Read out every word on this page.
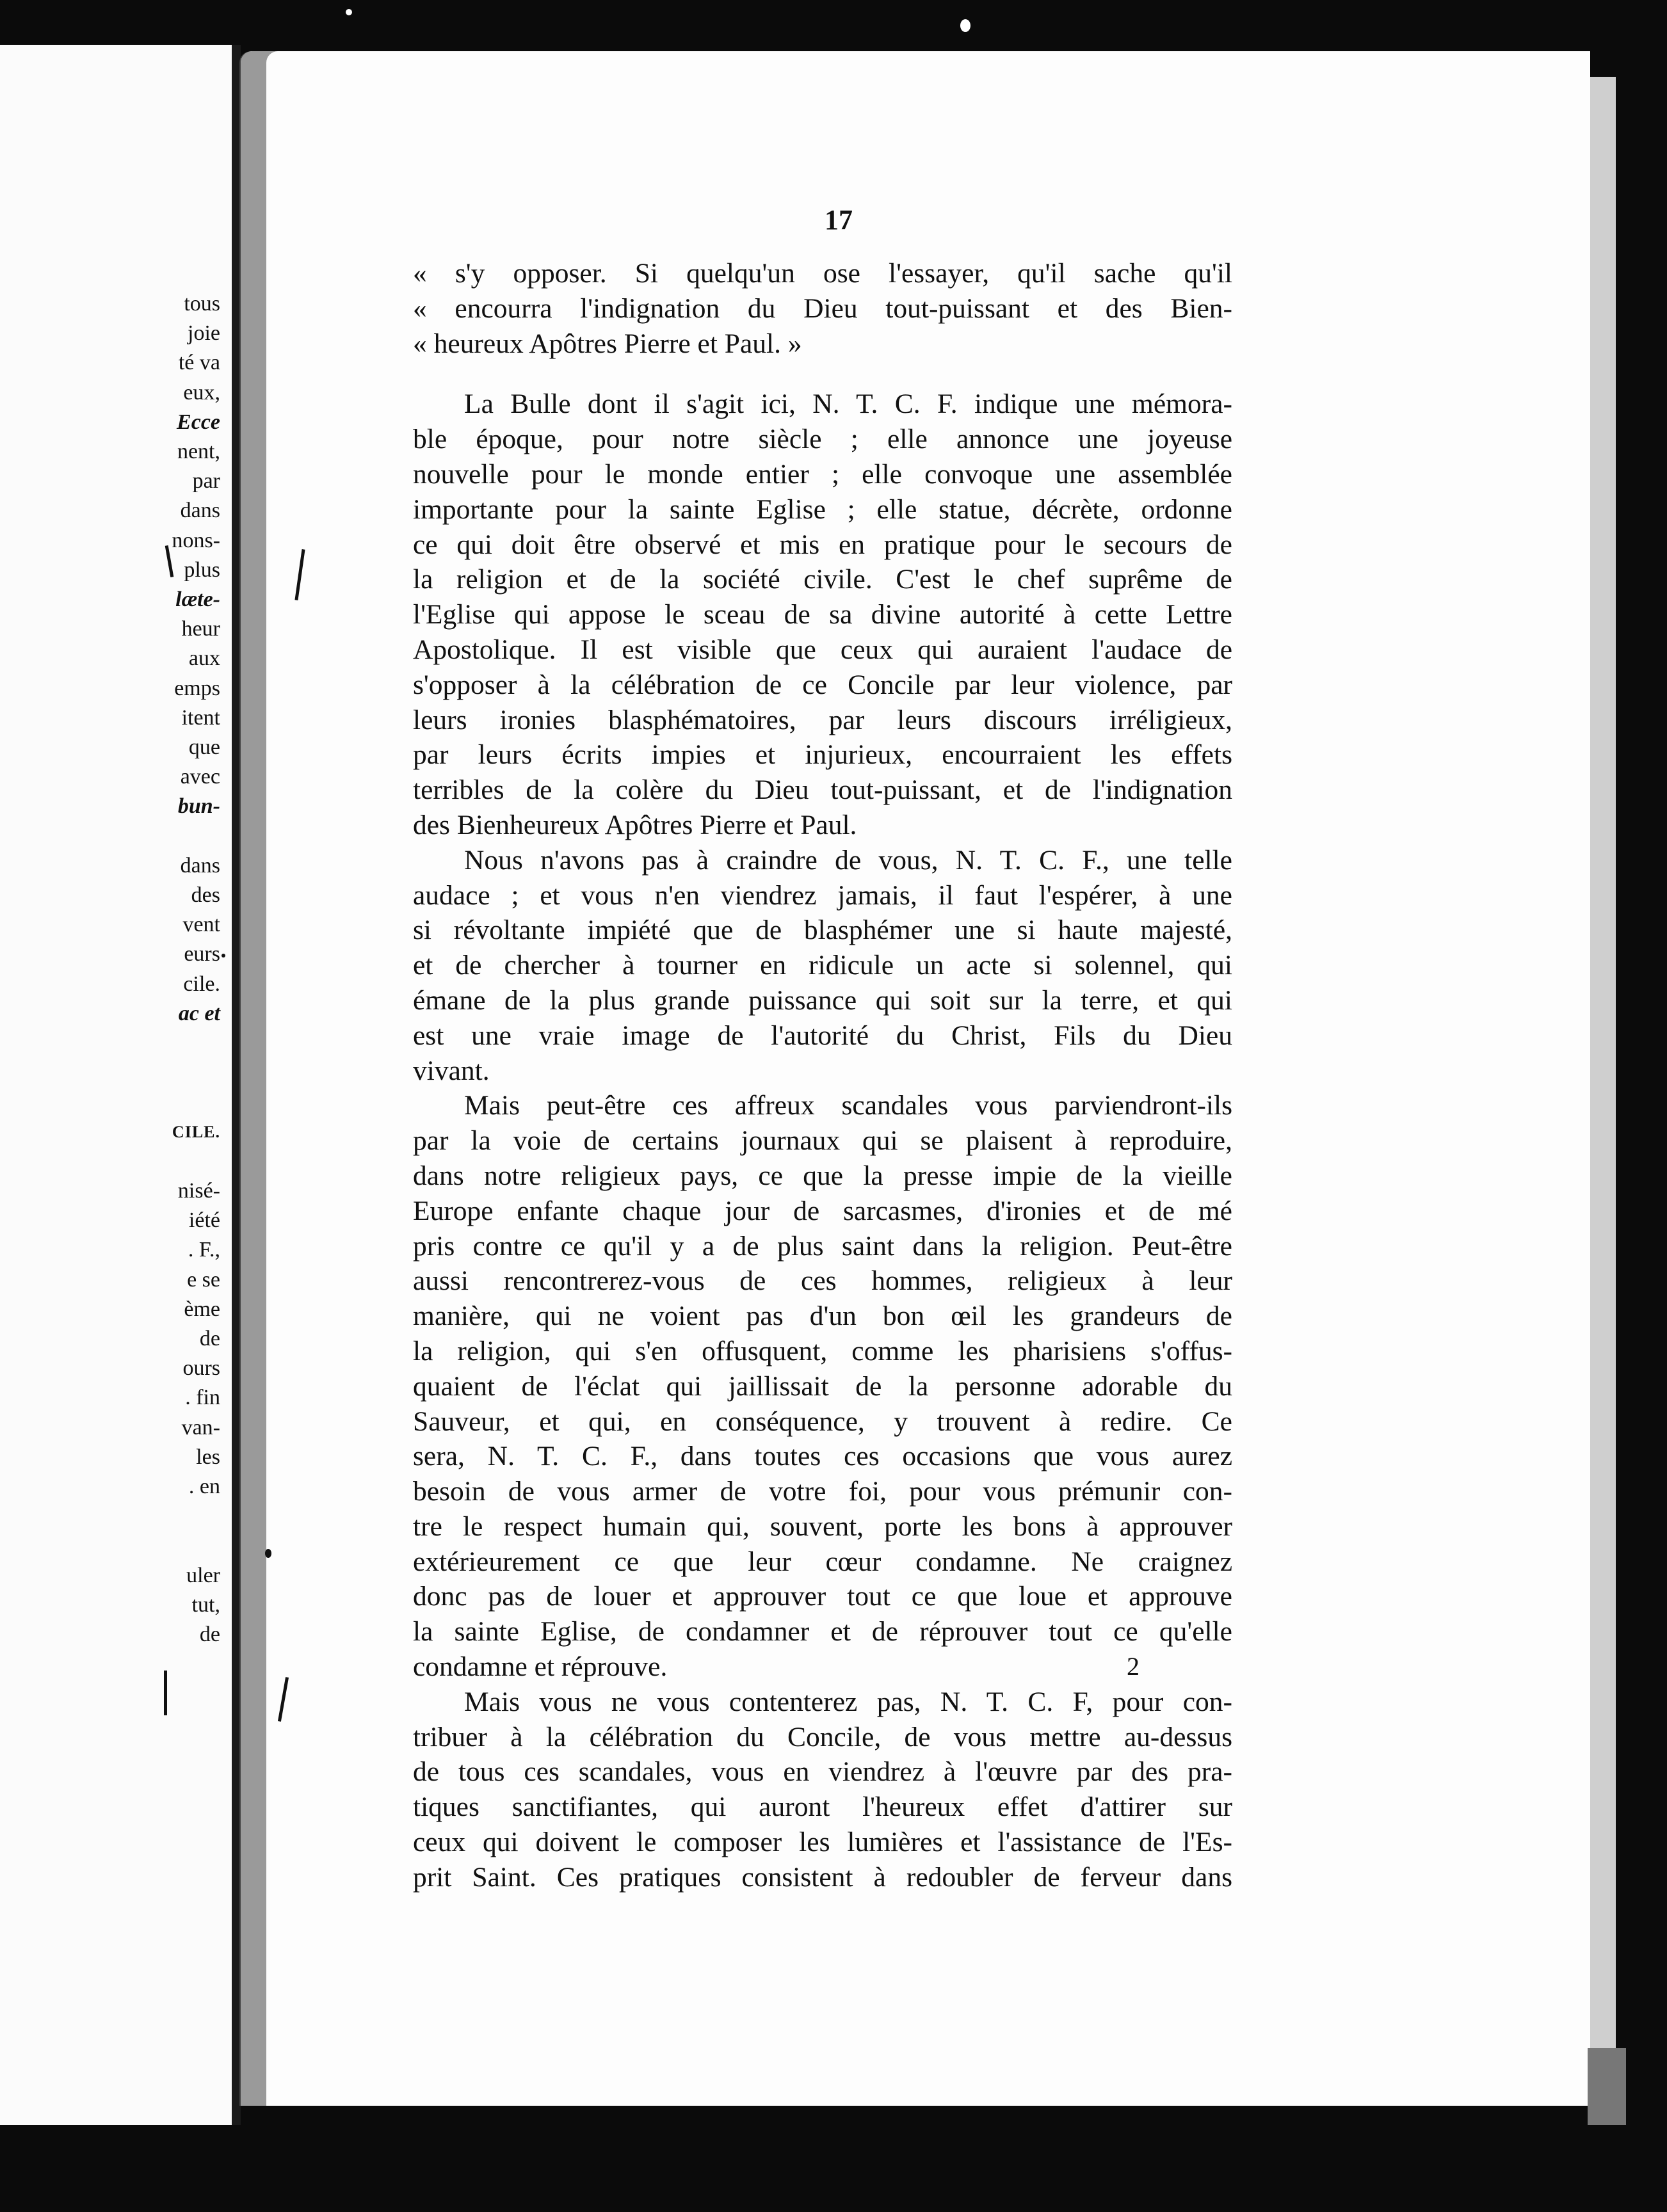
tous
joie
té va
eux,
Ecce
nent,
par
dans
nons-
plus
læte-
heur
aux
emps
itent
que
avec
bun-
dans
des
vent
eurs
cile.
ac et
CILE.
nisé-
iété
. F.,
e se
ème
de
ours
. fin
van-
les
. en
uler
tut,
de
17
« s'y opposer. Si quelqu'un ose l'essayer, qu'il sache qu'il
« encourra l'indignation du Dieu tout-puissant et des Bien-
« heureux Apôtres Pierre et Paul. »
La Bulle dont il s'agit ici, N. T. C. F. indique une mémora-
ble époque, pour notre siècle ; elle annonce une joyeuse
nouvelle pour le monde entier ; elle convoque une assemblée
importante pour la sainte Eglise ; elle statue, décrète, ordonne
ce qui doit être observé et mis en pratique pour le secours de
la religion et de la société civile. C'est le chef suprême de
l'Eglise qui appose le sceau de sa divine autorité à cette Lettre
Apostolique. Il est visible que ceux qui auraient l'audace de
s'opposer à la célébration de ce Concile par leur violence, par
leurs ironies blasphématoires, par leurs discours irréligieux,
par leurs écrits impies et injurieux, encourraient les effets
terribles de la colère du Dieu tout-puissant, et de l'indignation
des Bienheureux Apôtres Pierre et Paul.
Nous n'avons pas à craindre de vous, N. T. C. F., une telle
audace ; et vous n'en viendrez jamais, il faut l'espérer, à une
si révoltante impiété que de blasphémer une si haute majesté,
et de chercher à tourner en ridicule un acte si solennel, qui
émane de la plus grande puissance qui soit sur la terre, et qui
est une vraie image de l'autorité du Christ, Fils du Dieu
vivant.
Mais peut-être ces affreux scandales vous parviendront-ils
par la voie de certains journaux qui se plaisent à reproduire,
dans notre religieux pays, ce que la presse impie de la vieille
Europe enfante chaque jour de sarcasmes, d'ironies et de mé
pris contre ce qu'il y a de plus saint dans la religion. Peut-être
aussi rencontrerez-vous de ces hommes, religieux à leur
manière, qui ne voient pas d'un bon œil les grandeurs de
la religion, qui s'en offusquent, comme les pharisiens s'offus-
quaient de l'éclat qui jaillissait de la personne adorable du
Sauveur, et qui, en conséquence, y trouvent à redire. Ce
sera, N. T. C. F., dans toutes ces occasions que vous aurez
besoin de vous armer de votre foi, pour vous prémunir con-
tre le respect humain qui, souvent, porte les bons à approuver
extérieurement ce que leur cœur condamne. Ne craignez
donc pas de louer et approuver tout ce que loue et approuve
la sainte Eglise, de condamner et de réprouver tout ce qu'elle
condamne et réprouve.
Mais vous ne vous contenterez pas, N. T. C. F, pour con-
tribuer à la célébration du Concile, de vous mettre au-dessus
de tous ces scandales, vous en viendrez à l'œuvre par des pra-
tiques sanctifiantes, qui auront l'heureux effet d'attirer sur
ceux qui doivent le composer les lumières et l'assistance de l'Es-
prit Saint. Ces pratiques consistent à redoubler de ferveur dans
2
